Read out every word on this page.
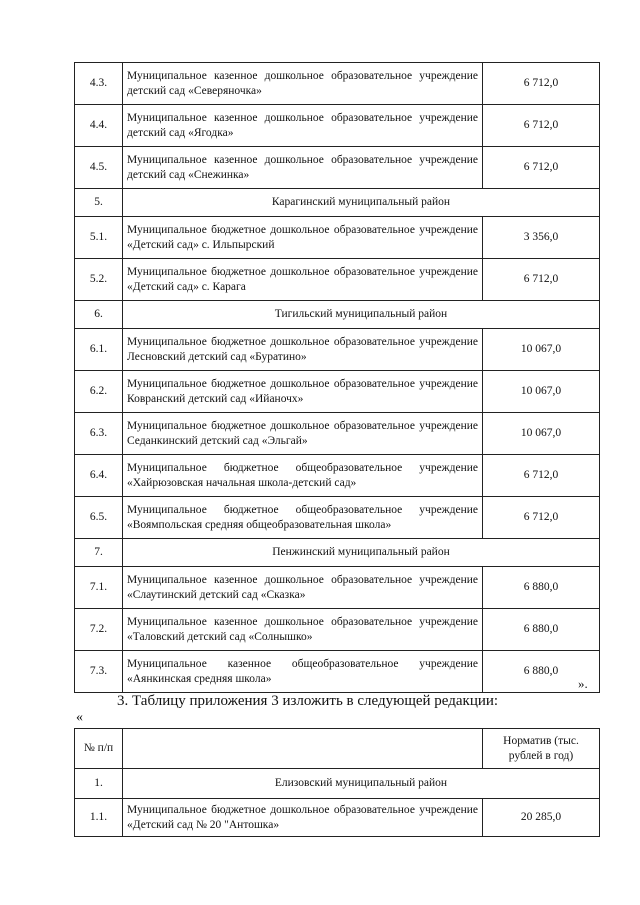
4.3.	Муниципальное казенное дошкольное образовательное учреждение детский сад «Северяночка»	6 712,0
4.4.	Муниципальное казенное дошкольное образовательное учреждение детский сад «Ягодка»	6 712,0
4.5.	Муниципальное казенное дошкольное образовательное учреждение детский сад «Снежинка»	6 712,0
5.	Карагинский муниципальный район	
5.1.	Муниципальное бюджетное дошкольное образовательное учреждение «Детский сад» с. Ильпырский	3 356,0
5.2.	Муниципальное бюджетное дошкольное образовательное учреждение «Детский сад» с. Карага	6 712,0
6.	Тигильский муниципальный район	
6.1.	Муниципальное бюджетное дошкольное образовательное учреждение Лесновский детский сад «Буратино»	10 067,0
6.2.	Муниципальное бюджетное дошкольное образовательное учреждение Ковранский детский сад «Ийаночх»	10 067,0
6.3.	Муниципальное бюджетное дошкольное образовательное учреждение Седанкинский детский сад «Эльгай»	10 067,0
6.4.	Муниципальное бюджетное общеобразовательное учреждение «Хайрюзовская начальная школа-детский сад»	6 712,0
6.5.	Муниципальное бюджетное общеобразовательное учреждение «Воямпольская средняя общеобразовательная школа»	6 712,0
7.	Пенжинский муниципальный район	
7.1.	Муниципальное казенное дошкольное образовательное учреждение «Слаутинский детский сад «Сказка»	6 880,0
7.2.	Муниципальное казенное дошкольное образовательное учреждение «Таловский детский сад «Солнышко»	6 880,0
7.3.	Муниципальное казенное общеобразовательное учреждение «Аянкинская средняя школа»	6 880,0
».
3. Таблицу приложения 3 изложить в следующей редакции:
«
№ п/п		Норматив (тыс. рублей в год)
1.	Елизовский муниципальный район	
1.1.	Муниципальное бюджетное дошкольное образовательное учреждение «Детский сад № 20 "Антошка»	20 285,0
